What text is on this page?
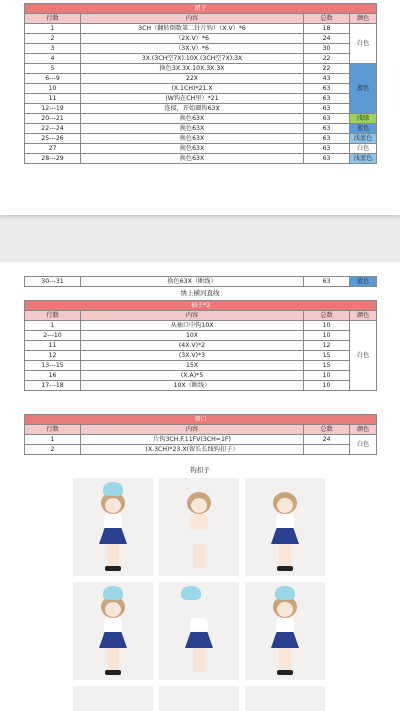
裙子			
行数	内容	总数	颜色
1	3CH（翻转倒数第二针片钩）（X.V）*6	18	白色
2	（2X.V）*6	24	
3	（3X.V）*6	30	
4	3X.(3CH空7X).10X.(3CH空7X).3X	22	
5	换色3X.3X.10X.3X.3X	22	蓝色
6---9	22X	43	
10	(X.1CH)*21.X	63	
11	(W钩在CH里）*21	63	
12---19	连接，开始圈钩63X	63	
20---21	换色63X	63	浅绿
22---24	换色63X	63	蓝色
25---26	换色63X	63	浅蓝色
27	换色63X	63	白色
28---29	换色63X	63	浅蓝色
30---31	换色63X（断线）	63	蓝色
绣上横河直线
袖子*2			
行数	内容	总数	颜色
1	从袖口中钩10X	10	白色
2---10	10X	10	
11	(4X.V)*2	12	
12	(3X.V)*3	15	
13---15	15X	15	
16	(X.A)*5	10	
17---18	10X（断线）	10	
领口			
行数	内容	总数	颜色
1	片钩3CH.F.11FV(3CH=1F)	24	白色
2	(X.3CH)*23.X(留长长线钩扣子）		
钩扣子
